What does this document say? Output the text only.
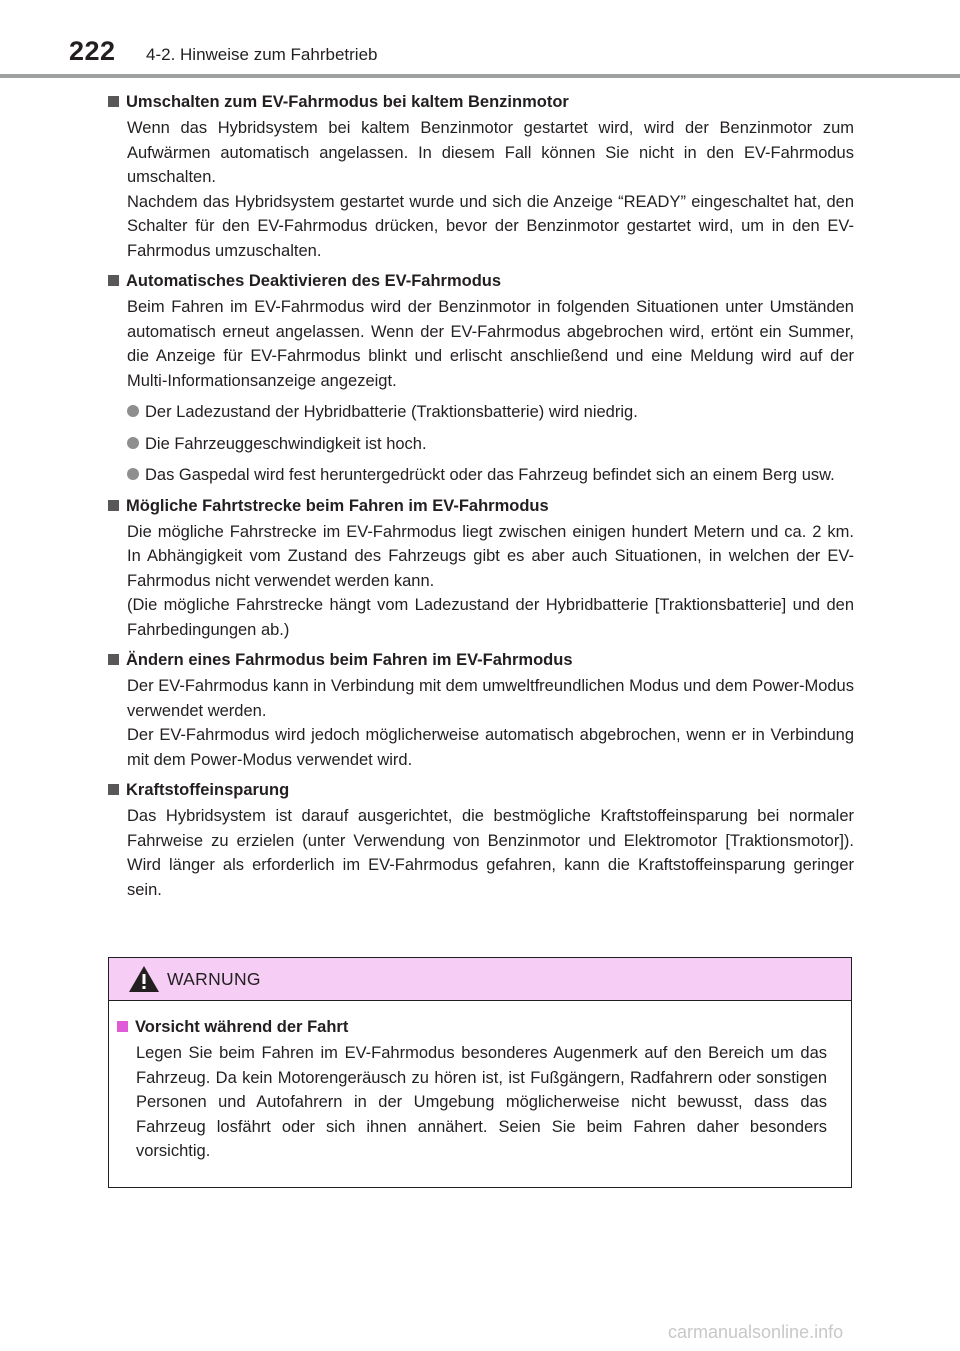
222 4-2. Hinweise zum Fahrbetrieb
Umschalten zum EV-Fahrmodus bei kaltem Benzinmotor

Wenn das Hybridsystem bei kaltem Benzinmotor gestartet wird, wird der Benzinmotor zum Aufwärmen automatisch angelassen. In diesem Fall können Sie nicht in den EV-Fahrmodus umschalten.

Nachdem das Hybridsystem gestartet wurde und sich die Anzeige “READY” eingeschaltet hat, den Schalter für den EV-Fahrmodus drücken, bevor der Benzinmotor gestartet wird, um in den EV-Fahrmodus umzuschalten.

Automatisches Deaktivieren des EV-Fahrmodus

Beim Fahren im EV-Fahrmodus wird der Benzinmotor in folgenden Situationen unter Umständen automatisch erneut angelassen. Wenn der EV-Fahrmodus abgebrochen wird, ertönt ein Summer, die Anzeige für EV-Fahrmodus blinkt und erlischt anschließend und eine Meldung wird auf der Multi-Informationsanzeige angezeigt.

Der Ladezustand der Hybridbatterie (Traktionsbatterie) wird niedrig.
Die Fahrzeuggeschwindigkeit ist hoch.
Das Gaspedal wird fest heruntergedrückt oder das Fahrzeug befindet sich an einem Berg usw.
Mögliche Fahrtstrecke beim Fahren im EV-Fahrmodus

Die mögliche Fahrstrecke im EV-Fahrmodus liegt zwischen einigen hundert Metern und ca. 2 km. In Abhängigkeit vom Zustand des Fahrzeugs gibt es aber auch Situationen, in welchen der EV-Fahrmodus nicht verwendet werden kann.

(Die mögliche Fahrstrecke hängt vom Ladezustand der Hybridbatterie [Traktionsbatterie] und den Fahrbedingungen ab.)

Ändern eines Fahrmodus beim Fahren im EV-Fahrmodus

Der EV-Fahrmodus kann in Verbindung mit dem umweltfreundlichen Modus und dem Power-Modus verwendet werden.

Der EV-Fahrmodus wird jedoch möglicherweise automatisch abgebrochen, wenn er in Verbindung mit dem Power-Modus verwendet wird.

Kraftstoffeinsparung

Das Hybridsystem ist darauf ausgerichtet, die bestmögliche Kraftstoffeinsparung bei normaler Fahrweise zu erzielen (unter Verwendung von Benzinmotor und Elektromotor [Traktionsmotor]). Wird länger als erforderlich im EV-Fahrmodus gefahren, kann die Kraftstoffeinsparung geringer sein.

WARNUNG
Vorsicht während der Fahrt

Legen Sie beim Fahren im EV-Fahrmodus besonderes Augenmerk auf den Bereich um das Fahrzeug. Da kein Motorengeräusch zu hören ist, ist Fußgängern, Radfahrern oder sonstigen Personen und Autofahrern in der Umgebung möglicherweise nicht bewusst, dass das Fahrzeug losfährt oder sich ihnen annähert. Seien Sie beim Fahren daher besonders vorsichtig.

carmanualsonline.info
